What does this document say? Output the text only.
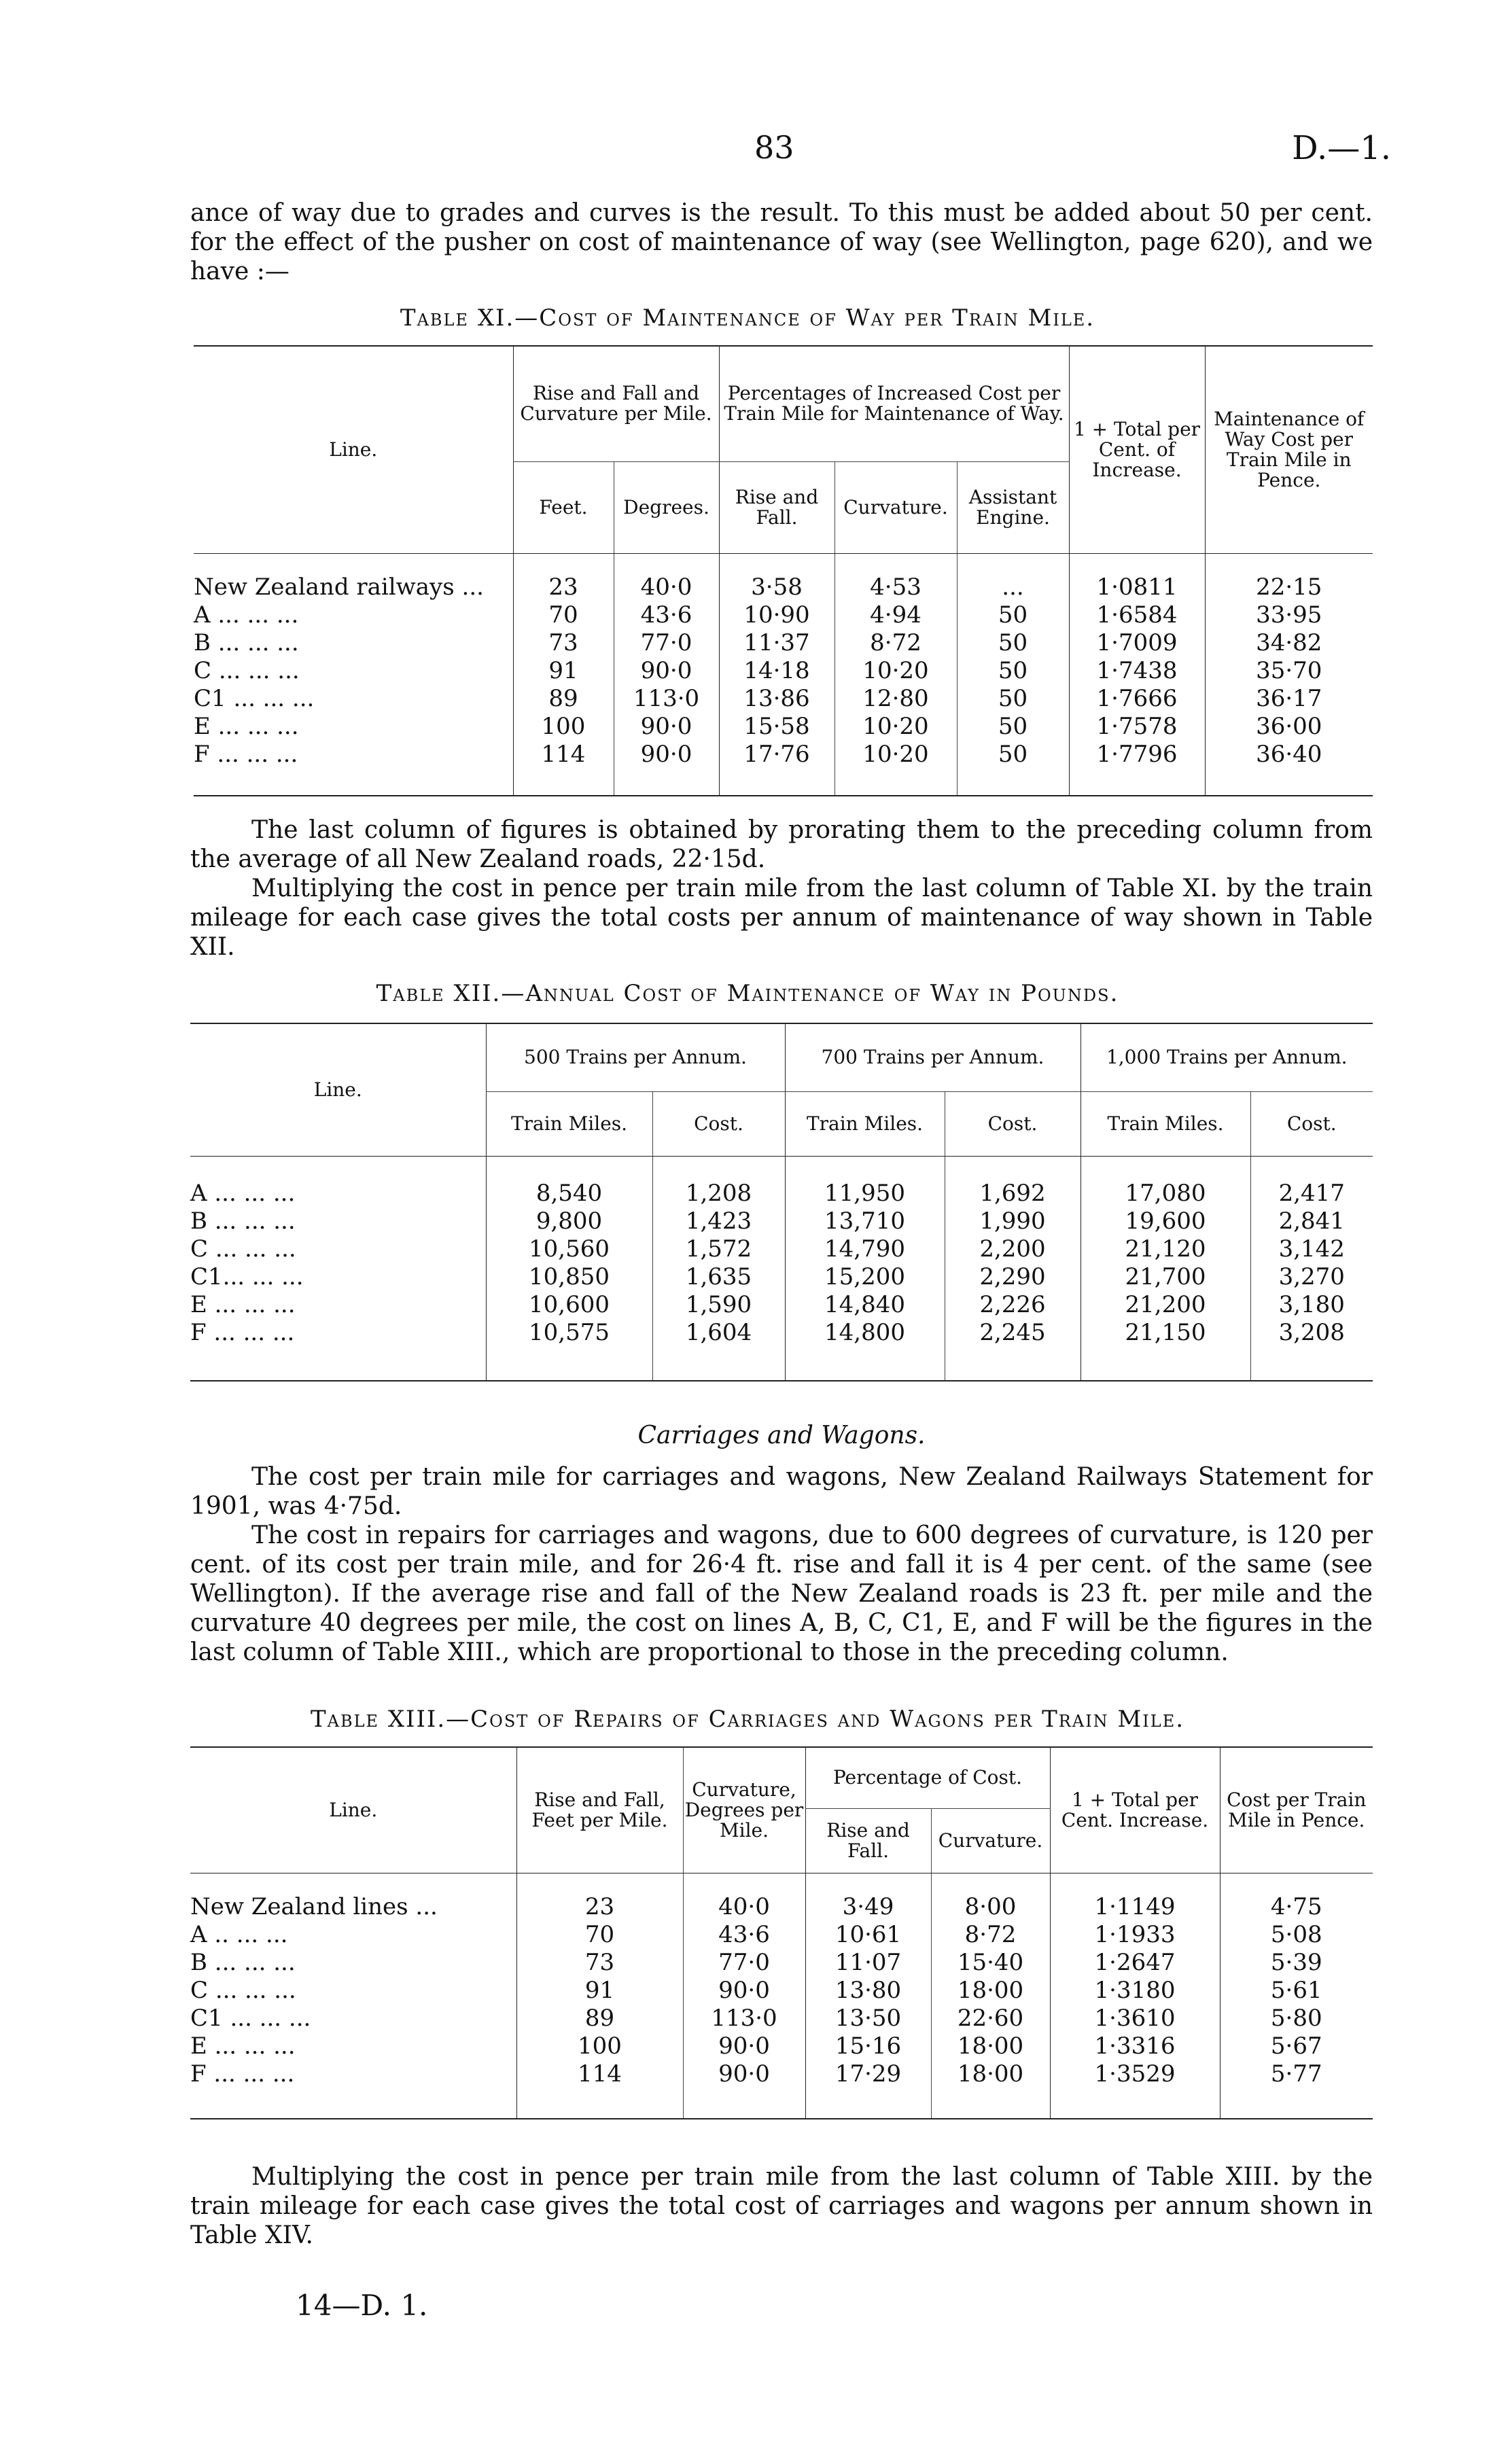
83	D.—1.
ance of way due to grades and curves is the result. To this must be added about 50 per cent. for the effect of the pusher on cost of maintenance of way (see Wellington, page 620), and we have :—
Table XI.—Cost of Maintenance of Way per Train Mile.
Line.	Rise and Fall and Curvature per Mile.		Percentages of Increased Cost per Train Mile for Maintenance of Way.			1 + Total per Cent. of Increase.	Maintenance of Way Cost per Train Mile in Pence.
	Feet.	Degrees.	Rise and Fall.	Curvature.	Assistant Engine.		

New Zealand railways ...	23	40·0	3·58	4·53	...	1·0811	22·15
A ... ... ...	70	43·6	10·90	4·94	50	1·6584	33·95
B ... ... ...	73	77·0	11·37	8·72	50	1·7009	34·82
C ... ... ...	91	90·0	14·18	10·20	50	1·7438	35·70
C1 ... ... ...	89	113·0	13·86	12·80	50	1·7666	36·17
E ... ... ...	100	90·0	15·58	10·20	50	1·7578	36·00
F ... ... ...	114	90·0	17·76	10·20	50	1·7796	36·40

The last column of figures is obtained by prorating them to the preceding column from the average of all New Zealand roads, 22·15d.
Multiplying the cost in pence per train mile from the last column of Table XI. by the train mileage for each case gives the total costs per annum of maintenance of way shown in Table XII.
Table XII.—Annual Cost of Maintenance of Way in Pounds.
Line.	500 Trains per Annum.		700 Trains per Annum.		1,000 Trains per Annum.	
	Train Miles.	Cost.	Train Miles.	Cost.	Train Miles.	Cost.

A ... ... ...	8,540	1,208	11,950	1,692	17,080	2,417
B ... ... ...	9,800	1,423	13,710	1,990	19,600	2,841
C ... ... ...	10,560	1,572	14,790	2,200	21,120	3,142
C1... ... ...	10,850	1,635	15,200	2,290	21,700	3,270
E ... ... ...	10,600	1,590	14,840	2,226	21,200	3,180
F ... ... ...	10,575	1,604	14,800	2,245	21,150	3,208

Carriages and Wagons.
The cost per train mile for carriages and wagons, New Zealand Railways Statement for 1901, was 4·75d.
The cost in repairs for carriages and wagons, due to 600 degrees of curvature, is 120 per cent. of its cost per train mile, and for 26·4 ft. rise and fall it is 4 per cent. of the same (see Wellington). If the average rise and fall of the New Zealand roads is 23 ft. per mile and the curvature 40 degrees per mile, the cost on lines A, B, C, C1, E, and F will be the figures in the last column of Table XIII., which are proportional to those in the preceding column.
Table XIII.—Cost of Repairs of Carriages and Wagons per Train Mile.
Line.	Rise and Fall, Feet per Mile.	Curvature, Degrees per Mile.	Percentage of Cost.		1 + Total per Cent. Increase.	Cost per Train Mile in Pence.
			Rise and Fall.	Curvature.		

New Zealand lines ...	23	40·0	3·49	8·00	1·1149	4·75
A .. ... ...	70	43·6	10·61	8·72	1·1933	5·08
B ... ... ...	73	77·0	11·07	15·40	1·2647	5·39
C ... ... ...	91	90·0	13·80	18·00	1·3180	5·61
C1 ... ... ...	89	113·0	13·50	22·60	1·3610	5·80
E ... ... ...	100	90·0	15·16	18·00	1·3316	5·67
F ... ... ...	114	90·0	17·29	18·00	1·3529	5·77

Multiplying the cost in pence per train mile from the last column of Table XIII. by the train mileage for each case gives the total cost of carriages and wagons per annum shown in Table XIV.
14—D. 1.
